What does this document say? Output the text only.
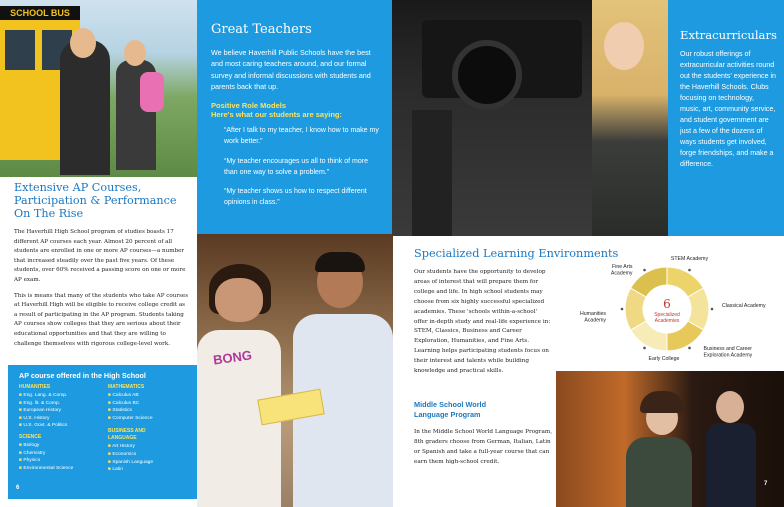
SCHOOL BUS
Great Teachers

We believe Haverhill Public Schools have the best and most caring teachers around, and our formal survey and informal discussions with students and parents back that up.

Positive Role Models
Here's what our students are saying:

“After I talk to my teacher, I know how to make my work better.”

“My teacher encourages us all to think of more than one way to solve a problem.”

“My teacher shows us how to respect different opinions in class.”

Extensive AP Courses, Participation & Performance On The Rise

The Haverhill High School program of studies boasts 17 different AP courses each year. Almost 20 percent of all students are enrolled in one or more AP courses—a number that increased steadily over the past five years. Of these students, over 60% received a passing score on one or more AP exam.

This is means that many of the students who take AP courses at Haverhill High will be eligible to receive college credit as a result of participating in the AP program. Students taking AP courses show colleges that they are serious about their educational opportunities and that they are willing to challenge themselves with rigorous college-level work.

AP course offered in the High School
HUMANITIES
■ Eng. Lang. & Comp.
■ Eng. lit. & Comp.
■ European History
■ U.S. History
■ U.S. Govt. & Politics
SCIENCE
■ Biology
■ Chemistry
■ Physics
■ Environmental Science
MATHEMATICS
■ Calculus AB
■ Calculus BC
■ Statistics
■ Computer Science
BUSINESS AND LANGUAGE
■ Art History
■ Economics
■ Spanish Language
■ Latin
6
BONG
Extracurriculars

Our robust offerings of extracurricular activities round out the students' experience in the Haverhill Schools. Clubs focusing on technology, music, art, community service, and student government are just a few of the dozens of ways students get involved, forge friendships, and make a difference.

Specialized Learning Environments

Our students have the opportunity to develop areas of interest that will prepare them for college and life. In high school students may choose from six highly successful specialized academies. These 'schools within-a-school' offer in-depth study and real-life experience in: STEM, Classics, Business and Career Exploration, Humanities, and Fine Arts. Learning helps participating students focus on their interest and talents while building knowledge and practical skills.

6
Specialized
Academies
STEM Academy
Classical Academy
Business and Career Exploration Academy
Early College
Humanities Academy
Fine Arts Academy
Middle School World Language Program

In the Middle School World Language Program, 8th graders choose from German, Italian, Latin or Spanish and take a full-year course that can earn them high-school credit.

7
